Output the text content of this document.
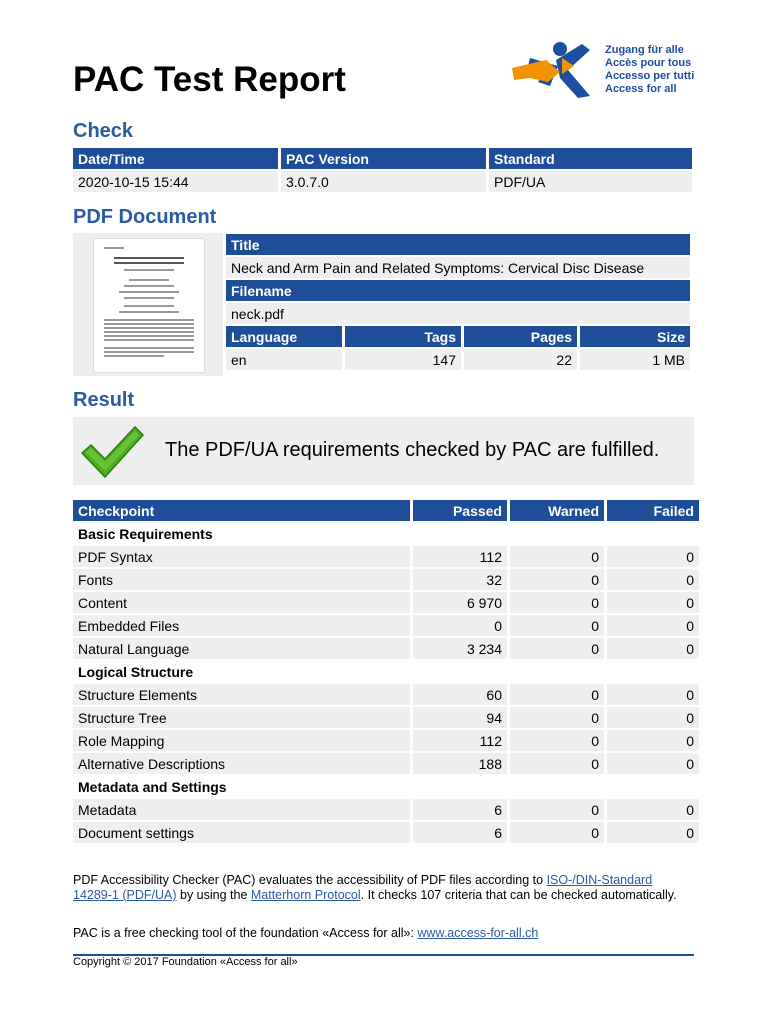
PAC Test Report
Zugang für alle
Accès pour tous
Accesso per tutti
Access for all
Check
Date/Time	PAC Version	Standard
2020-10-15 15:44	3.0.7.0	PDF/UA
PDF Document
Title			
Neck and Arm Pain and Related Symptoms: Cervical Disc Disease			
Filename			
neck.pdf			
Language	Tags	Pages	Size
en	147	22	1 MB
Result
The PDF/UA requirements checked by PAC are fulfilled.
Checkpoint	Passed	Warned	Failed
Basic Requirements			
PDF Syntax	112	0	0
Fonts	32	0	0
Content	6 970	0	0
Embedded Files	0	0	0
Natural Language	3 234	0	0
Logical Structure			
Structure Elements	60	0	0
Structure Tree	94	0	0
Role Mapping	112	0	0
Alternative Descriptions	188	0	0
Metadata and Settings			
Metadata	6	0	0
Document settings	6	0	0

PDF Accessibility Checker (PAC) evaluates the accessibility of PDF files according to ISO-/DIN-Standard 14289-1 (PDF/UA) by using the Matterhorn Protocol. It checks 107 criteria that can be checked automatically.

PAC is a free checking tool of the foundation «Access for all»: www.access-for-all.ch

Copyright © 2017 Foundation «Access for all»
